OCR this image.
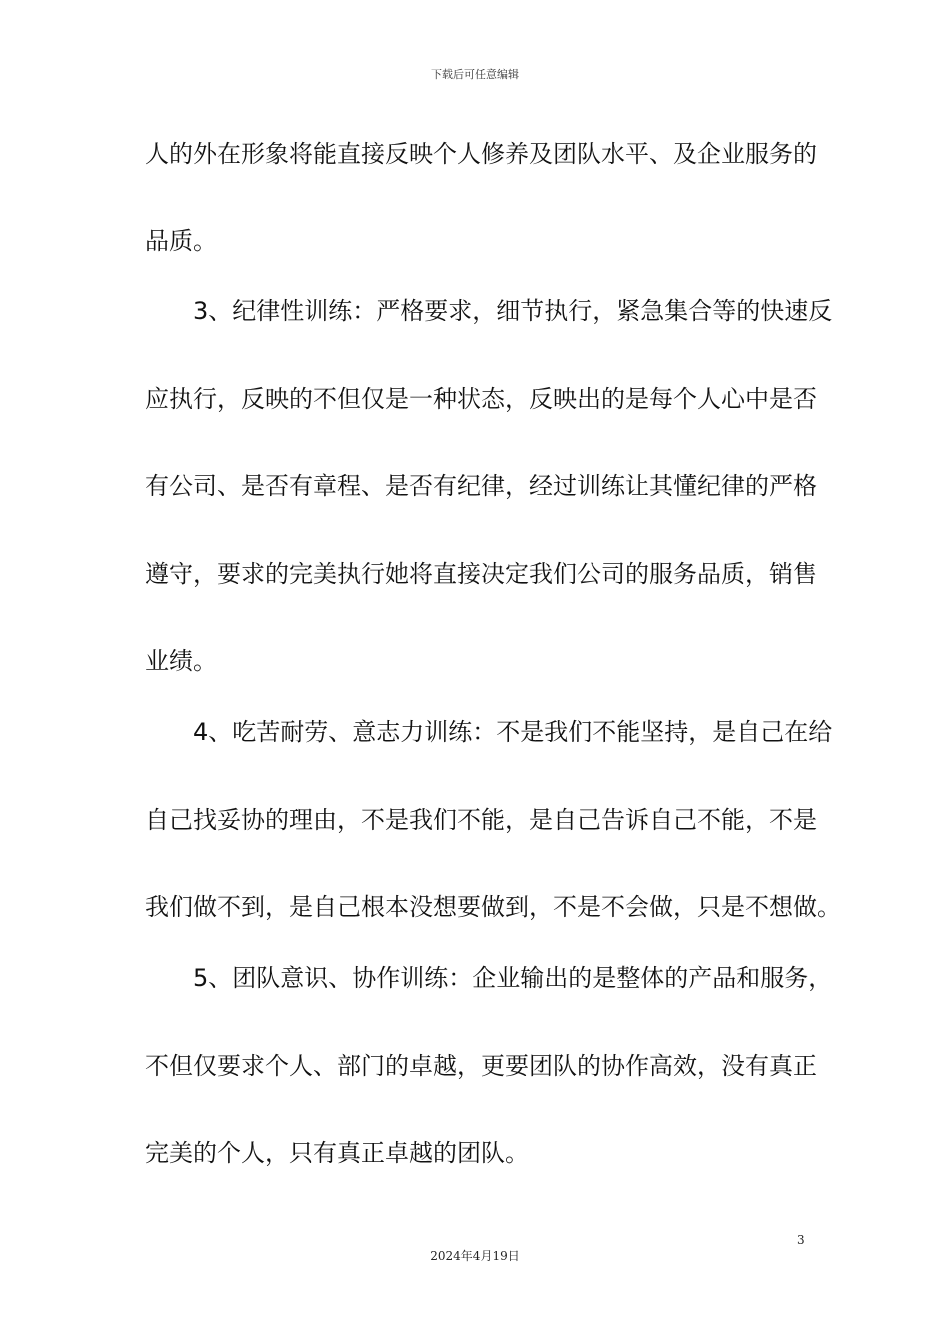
下载后可任意编辑
人的外在形象将能直接反映个人修养及团队水平、及企业服务的
品质。
3、纪律性训练：严格要求，细节执行，紧急集合等的快速反
应执行，反映的不但仅是一种状态，反映出的是每个人心中是否
有公司、是否有章程、是否有纪律，经过训练让其懂纪律的严格
遵守，要求的完美执行她将直接决定我们公司的服务品质，销售
业绩。
4、吃苦耐劳、意志力训练：不是我们不能坚持，是自己在给
自己找妥协的理由，不是我们不能，是自己告诉自己不能，不是
我们做不到，是自己根本没想要做到，不是不会做，只是不想做。
5、团队意识、协作训练：企业输出的是整体的产品和服务，
不但仅要求个人、部门的卓越，更要团队的协作高效，没有真正
完美的个人，只有真正卓越的团队。
3
2024年4月19日
